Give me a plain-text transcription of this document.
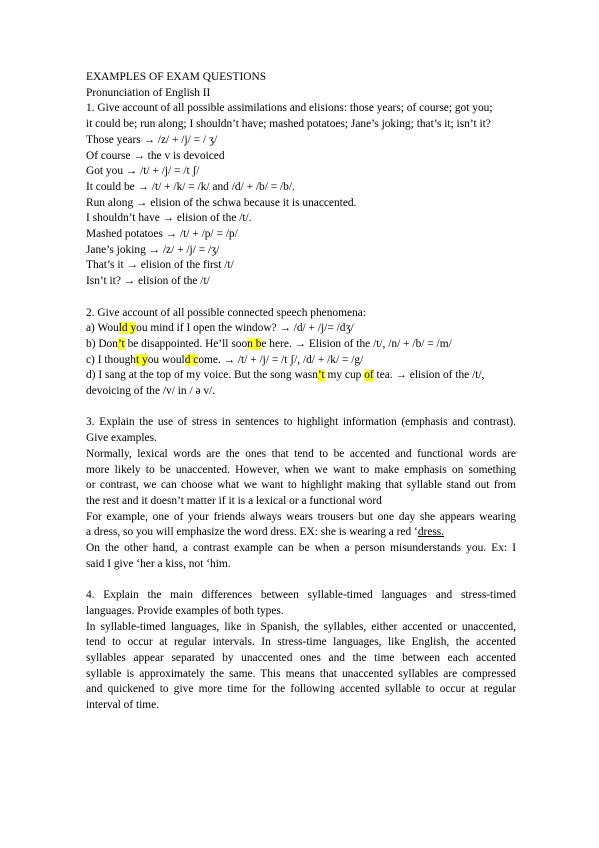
EXAMPLES OF EXAM QUESTIONS
Pronunciation of English II
1. Give account of all possible assimilations and elisions: those years; of course; got you;
it could be; run along; I shouldn’t have; mashed potatoes; Jane’s joking; that’s it; isn’t it?
Those years → /z/ + /j/ = / ʒ/
Of course → the v is devoiced
Got you → /t/ + /j/ = /t ʃ/
It could be → /t/ + /k/ = /k/ and /d/ + /b/ = /b/.
Run along → elision of the schwa because it is unaccented.
I shouldn’t have → elision of the /t/.
Mashed potatoes → /t/ + /p/ = /p/
Jane’s joking → /z/ + /j/ = /ʒ/
That’s it → elision of the first /t/
Isn’t it? → elision of the /t/
2. Give account of all possible connected speech phenomena:
a) Would you mind if I open the window? → /d/ + /j/= /dʒ/
b) Don’t be disappointed. He’ll soon be here. → Elision of the /t/, /n/ + /b/ = /m/
c) I thought you would come. → /t/ + /j/ = /t ʃ/, /d/ + /k/ = /g/
d) I sang at the top of my voice. But the song wasn’t my cup of tea. → elision of the /t/,
devoicing of the /v/ in / ə v/.
3. Explain the use of stress in sentences to highlight information (emphasis and contrast).
Give examples.
Normally, lexical words are the ones that tend to be accented and functional words are
more likely to be unaccented. However, when we want to make emphasis on something
or contrast, we can choose what we want to highlight making that syllable stand out from
the rest and it doesn’t matter if it is a lexical or a functional word
For example, one of your friends always wears trousers but one day she appears wearing
a dress, so you will emphasize the word dress. EX: she is wearing a red ‘dress.
On the other hand, a contrast example can be when a person misunderstands you. Ex: I
said I give ‘her a kiss, not ‘him.
4. Explain the main differences between syllable-timed languages and stress-timed
languages. Provide examples of both types.
In syllable-timed languages, like in Spanish, the syllables, either accented or unaccented,
tend to occur at regular intervals. In stress-time languages, like English, the accented
syllables appear separated by unaccented ones and the time between each accented
syllable is approximately the same. This means that unaccented syllables are compressed
and quickened to give more time for the following accented syllable to occur at regular
interval of time.
